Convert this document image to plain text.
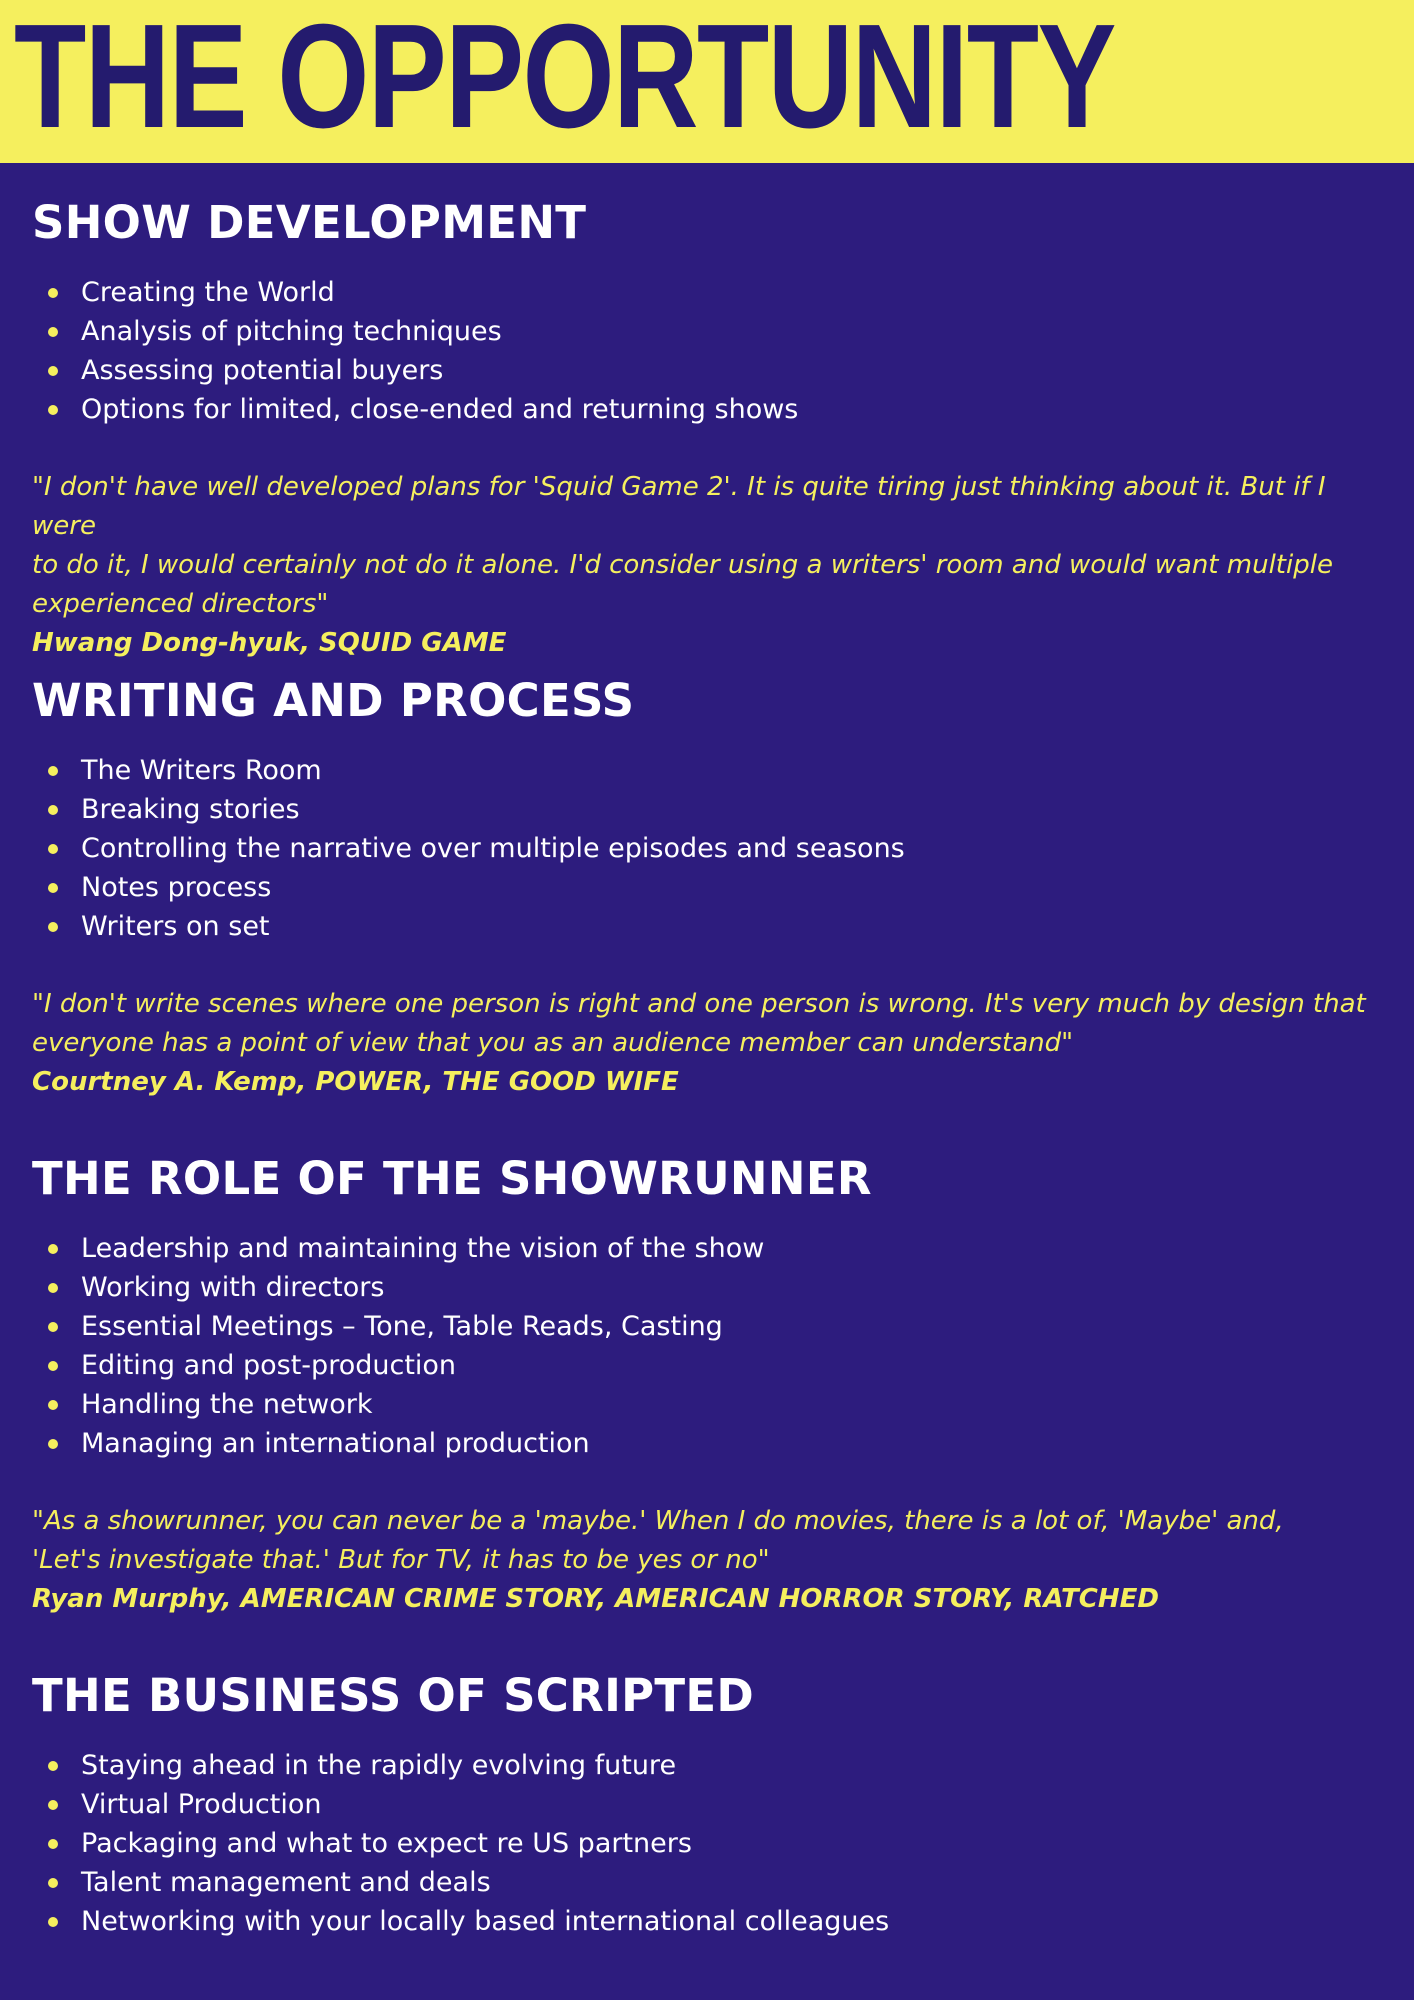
THE OPPORTUNITY
SHOW DEVELOPMENT
Creating the World
Analysis of pitching techniques
Assessing potential buyers
Options for limited, close-ended and returning shows
"I don't have well developed plans for 'Squid Game 2'. It is quite tiring just thinking about it. But if I were
to do it, I would certainly not do it alone. I'd consider using a writers' room and would want multiple
experienced directors"
Hwang Dong-hyuk, SQUID GAME
WRITING AND PROCESS
The Writers Room
Breaking stories
Controlling the narrative over multiple episodes and seasons
Notes process
Writers on set
"I don't write scenes where one person is right and one person is wrong. It's very much by design that
everyone has a point of view that you as an audience member can understand"
Courtney A. Kemp, POWER, THE GOOD WIFE
THE ROLE OF THE SHOWRUNNER
Leadership and maintaining the vision of the show
Working with directors
Essential Meetings – Tone, Table Reads, Casting
Editing and post-production
Handling the network
Managing an international production
"As a showrunner, you can never be a 'maybe.' When I do movies, there is a lot of, 'Maybe' and,
'Let's investigate that.' But for TV, it has to be yes or no"
Ryan Murphy, AMERICAN CRIME STORY, AMERICAN HORROR STORY, RATCHED
THE BUSINESS OF SCRIPTED
Staying ahead in the rapidly evolving future
Virtual Production
Packaging and what to expect re US partners
Talent management and deals
Networking with your locally based international colleagues
